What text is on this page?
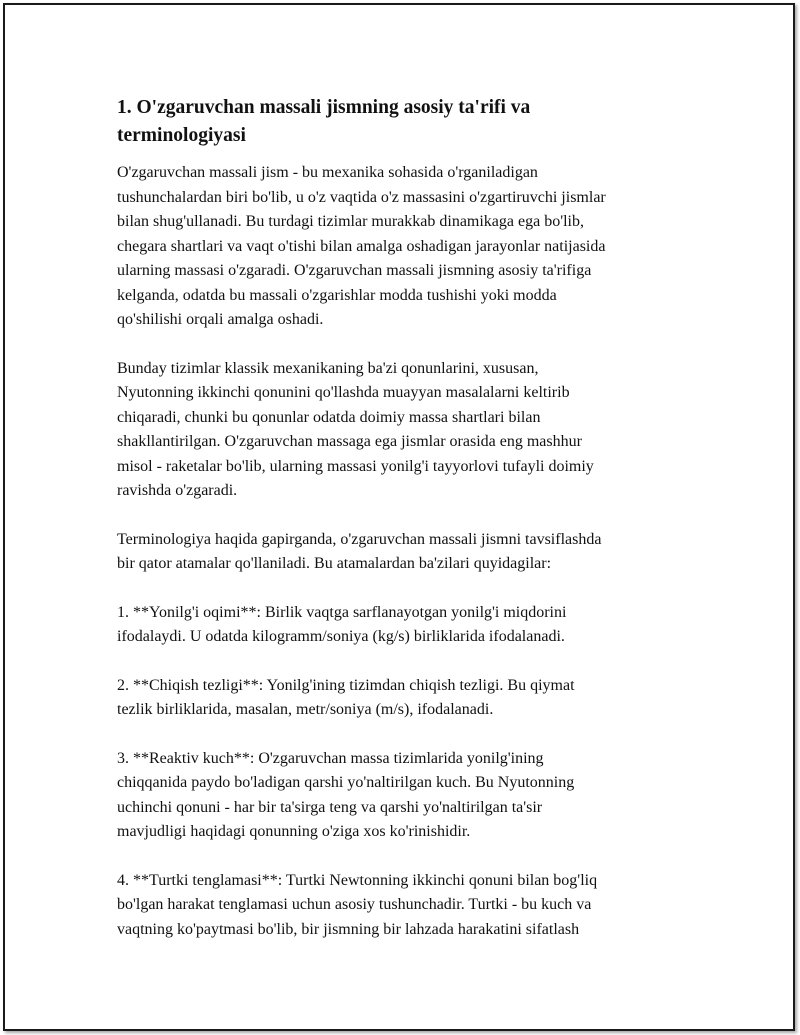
1. O'zgaruvchan massali jismning asosiy ta'rifi va
terminologiyasi
O'zgaruvchan massali jism - bu mexanika sohasida o'rganiladigan
tushunchalardan biri bo'lib, u o'z vaqtida o'z massasini o'zgartiruvchi jismlar
bilan shug'ullanadi. Bu turdagi tizimlar murakkab dinamikaga ega bo'lib,
chegara shartlari va vaqt o'tishi bilan amalga oshadigan jarayonlar natijasida
ularning massasi o'zgaradi. O'zgaruvchan massali jismning asosiy ta'rifiga
kelganda, odatda bu massali o'zgarishlar modda tushishi yoki modda
qo'shilishi orqali amalga oshadi.
Bunday tizimlar klassik mexanikaning ba'zi qonunlarini, xususan,
Nyutonning ikkinchi qonunini qo'llashda muayyan masalalarni keltirib
chiqaradi, chunki bu qonunlar odatda doimiy massa shartlari bilan
shakllantirilgan. O'zgaruvchan massaga ega jismlar orasida eng mashhur
misol - raketalar bo'lib, ularning massasi yonilg'i tayyorlovi tufayli doimiy
ravishda o'zgaradi.
Terminologiya haqida gapirganda, o'zgaruvchan massali jismni tavsiflashda
bir qator atamalar qo'llaniladi. Bu atamalardan ba'zilari quyidagilar:
1. **Yonilg'i oqimi**: Birlik vaqtga sarflanayotgan yonilg'i miqdorini
ifodalaydi. U odatda kilogramm/soniya (kg/s) birliklarida ifodalanadi.
2. **Chiqish tezligi**: Yonilg'ining tizimdan chiqish tezligi. Bu qiymat
tezlik birliklarida, masalan, metr/soniya (m/s), ifodalanadi.
3. **Reaktiv kuch**: O'zgaruvchan massa tizimlarida yonilg'ining
chiqqanida paydo bo'ladigan qarshi yo'naltirilgan kuch. Bu Nyutonning
uchinchi qonuni - har bir ta'sirga teng va qarshi yo'naltirilgan ta'sir
mavjudligi haqidagi qonunning o'ziga xos ko'rinishidir.
4. **Turtki tenglamasi**: Turtki Newtonning ikkinchi qonuni bilan bog'liq
bo'lgan harakat tenglamasi uchun asosiy tushunchadir. Turtki - bu kuch va
vaqtning ko'paytmasi bo'lib, bir jismning bir lahzada harakatini sifatlash
